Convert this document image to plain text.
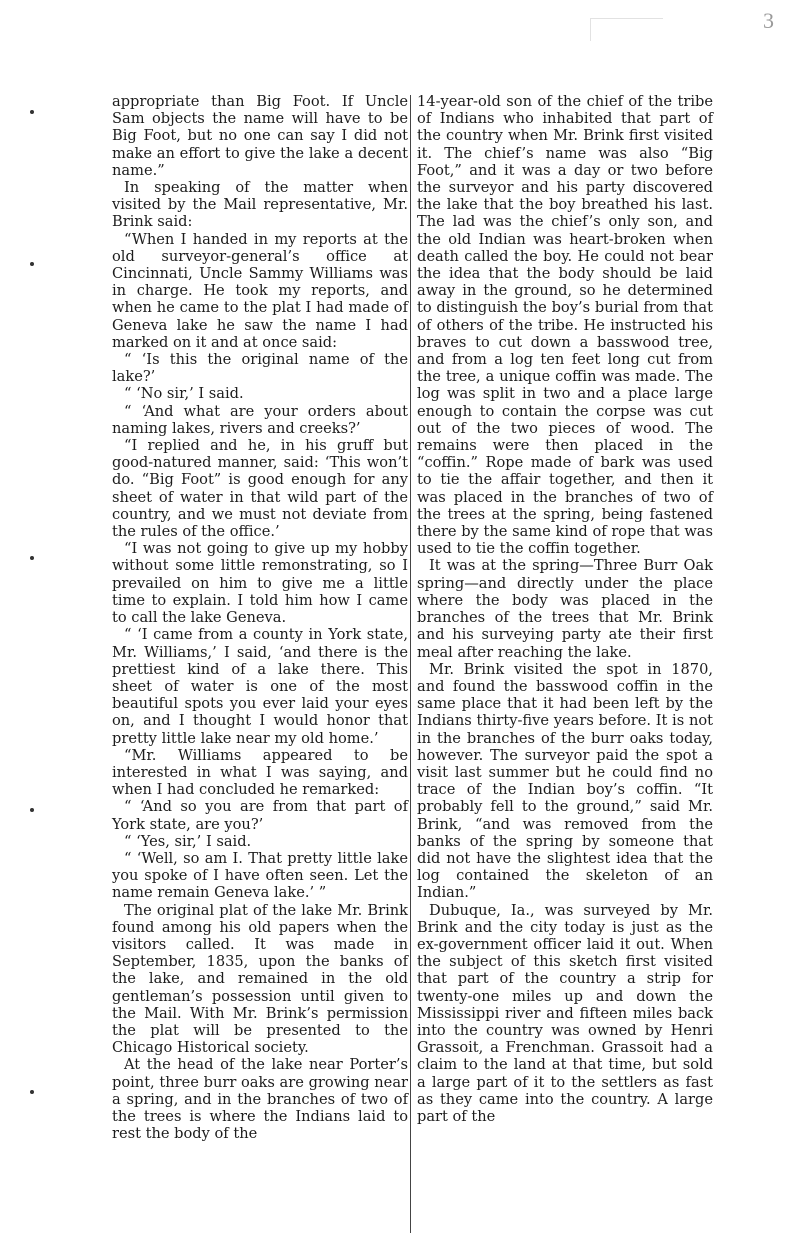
3

appropriate than Big Foot. If Uncle Sam objects the name will have to be Big Foot, but no one can say I did not make an effort to give the lake a decent name.”

In speaking of the matter when visited by the Mail representative, Mr. Brink said:

“When I handed in my reports at the old surveyor-general’s office at Cincinnati, Uncle Sammy Williams was in charge. He took my reports, and when he came to the plat I had made of Geneva lake he saw the name I had marked on it and at once said:

“ ‘Is this the original name of the lake?’

“ ‘No sir,’ I said.

“ ‘And what are your orders about naming lakes, rivers and creeks?’

“I replied and he, in his gruff but good-natured manner, said: ‘This won’t do. “Big Foot” is good enough for any sheet of water in that wild part of the country, and we must not deviate from the rules of the office.’

“I was not going to give up my hobby without some little remonstrating, so I prevailed on him to give me a little time to explain. I told him how I came to call the lake Geneva.

“ ‘I came from a county in York state, Mr. Williams,’ I said, ‘and there is the prettiest kind of a lake there. This sheet of water is one of the most beautiful spots you ever laid your eyes on, and I thought I would honor that pretty little lake near my old home.’

“Mr. Williams appeared to be interested in what I was saying, and when I had concluded he remarked:

“ ‘And so you are from that part of York state, are you?’

“ ‘Yes, sir,’ I said.

“ ‘Well, so am I. That pretty little lake you spoke of I have often seen. Let the name remain Geneva lake.’ ”

The original plat of the lake Mr. Brink found among his old papers when the visitors called. It was made in September, 1835, upon the banks of the lake, and remained in the old gentleman’s possession until given to the Mail. With Mr. Brink’s permission the plat will be presented to the Chicago Historical society.

At the head of the lake near Porter’s point, three burr oaks are growing near a spring, and in the branches of two of the trees is where the Indians laid to rest the body of the

14-year-old son of the chief of the tribe of Indians who inhabited that part of the country when Mr. Brink first visited it. The chief’s name was also “Big Foot,” and it was a day or two before the surveyor and his party discovered the lake that the boy breathed his last. The lad was the chief’s only son, and the old Indian was heart-broken when death called the boy. He could not bear the idea that the body should be laid away in the ground, so he determined to distinguish the boy’s burial from that of others of the tribe. He instructed his braves to cut down a basswood tree, and from a log ten feet long cut from the tree, a unique coffin was made. The log was split in two and a place large enough to contain the corpse was cut out of the two pieces of wood. The remains were then placed in the “coffin.” Rope made of bark was used to tie the affair together, and then it was placed in the branches of two of the trees at the spring, being fastened there by the same kind of rope that was used to tie the coffin together.

It was at the spring—Three Burr Oak spring—and directly under the place where the body was placed in the branches of the trees that Mr. Brink and his surveying party ate their first meal after reaching the lake.

Mr. Brink visited the spot in 1870, and found the basswood coffin in the same place that it had been left by the Indians thirty-five years before. It is not in the branches of the burr oaks today, however. The surveyor paid the spot a visit last summer but he could find no trace of the Indian boy’s coffin. “It probably fell to the ground,” said Mr. Brink, “and was removed from the banks of the spring by someone that did not have the slightest idea that the log contained the skeleton of an Indian.”

Dubuque, Ia., was surveyed by Mr. Brink and the city today is just as the ex-government officer laid it out. When the subject of this sketch first visited that part of the country a strip for twenty-one miles up and down the Mississippi river and fifteen miles back into the country was owned by Henri Grassoit, a Frenchman. Grassoit had a claim to the land at that time, but sold a large part of it to the settlers as fast as they came into the country. A large part of the
